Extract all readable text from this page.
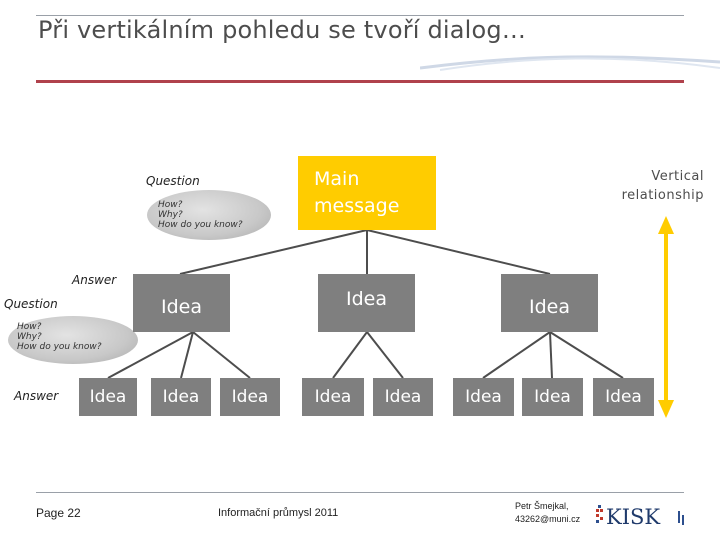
Při vertikálním pohledu se tvoří dialog…
Main
message
Vertical
relationship
Question
How?
Why?
How do you know?
Answer
Question
How?
Why?
How do you know?
Answer
Idea	Idea	Idea
Idea	Idea	Idea	Idea	Idea	Idea	Idea	Idea
Page 22	Informační průmysl 2011
Petr Šmejkal,
43262@muni.cz KISK
